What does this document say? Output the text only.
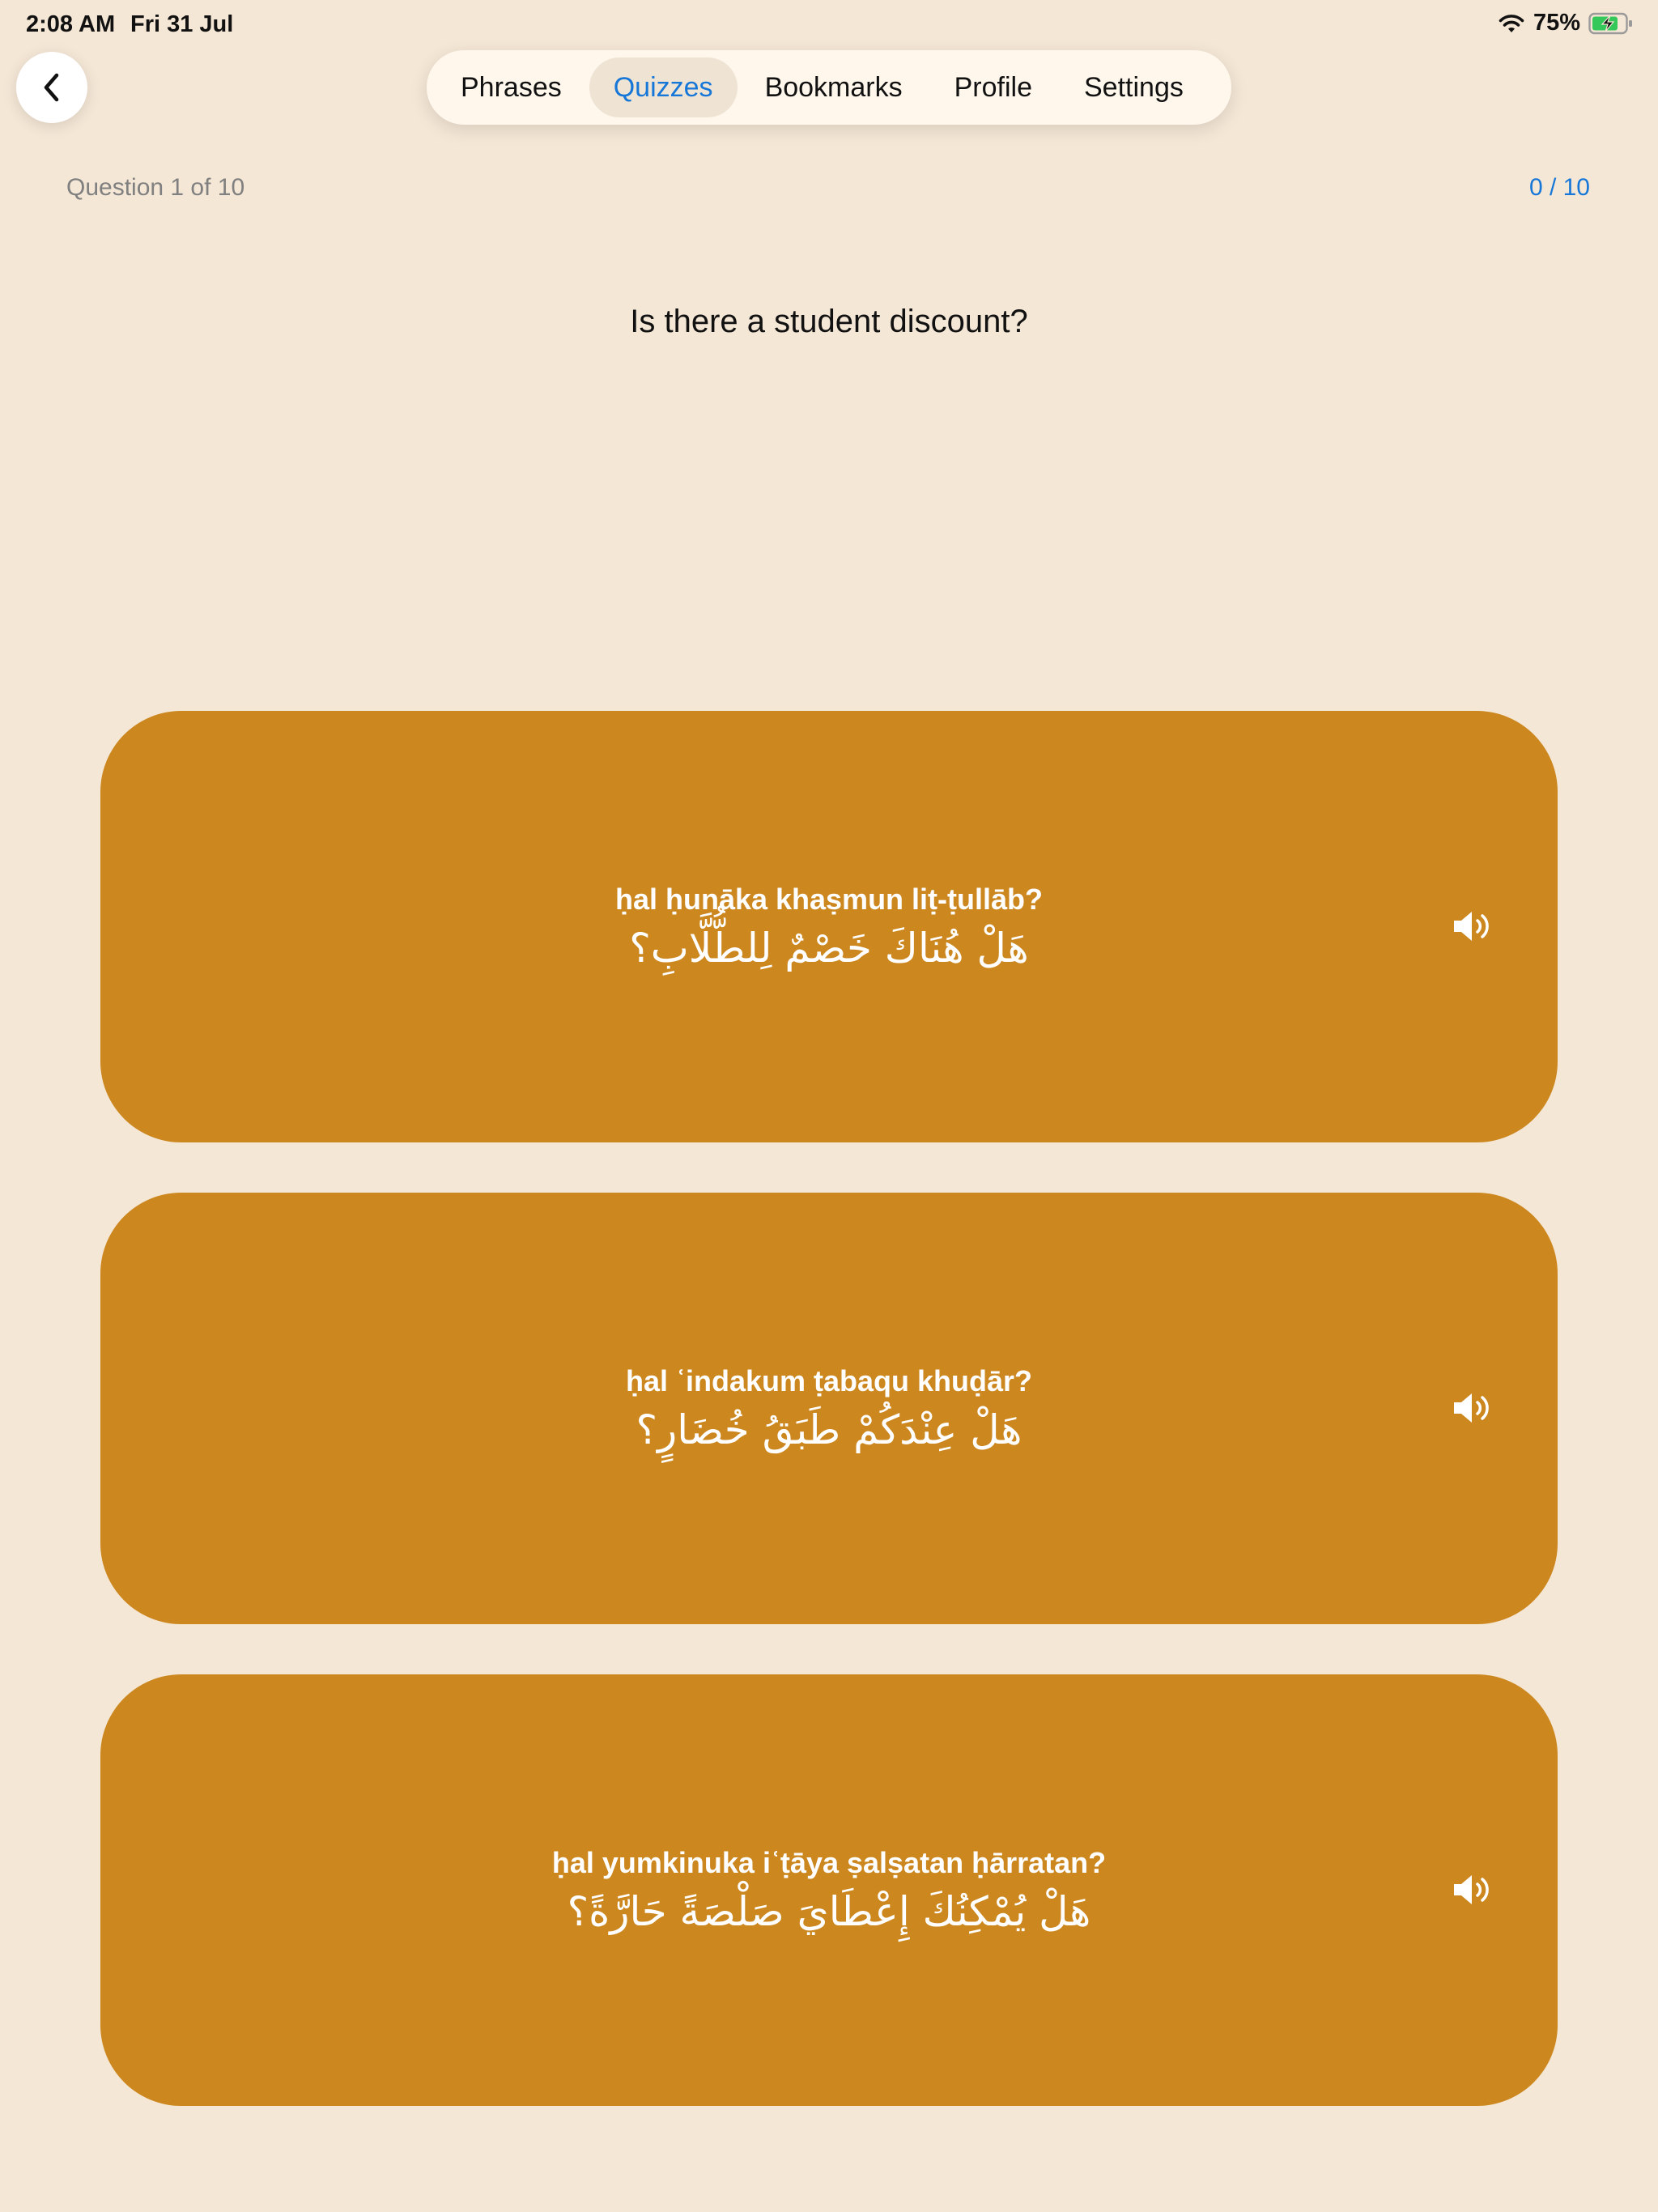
2:08 AM Fri 31 Jul	75%
Phrases	Quizzes	Bookmarks	Profile	Settings
Question 1 of 10	0 / 10
Is there a student discount?
ḥal ḥunāka khaṣmun liṭ-ṭullāb?
هَلْ هُنَاكَ خَصْمٌ لِلطُّلَّابِ؟
ḥal ʿindakum ṭabaqu khuḍār?
هَلْ عِنْدَكُمْ طَبَقُ خُضَارٍ؟
ḥal yumkinuka iʿṭāya ṣalṣatan ḥārratan?
هَلْ يُمْكِنُكَ إِعْطَايَ صَلْصَةً حَارَّةً؟
